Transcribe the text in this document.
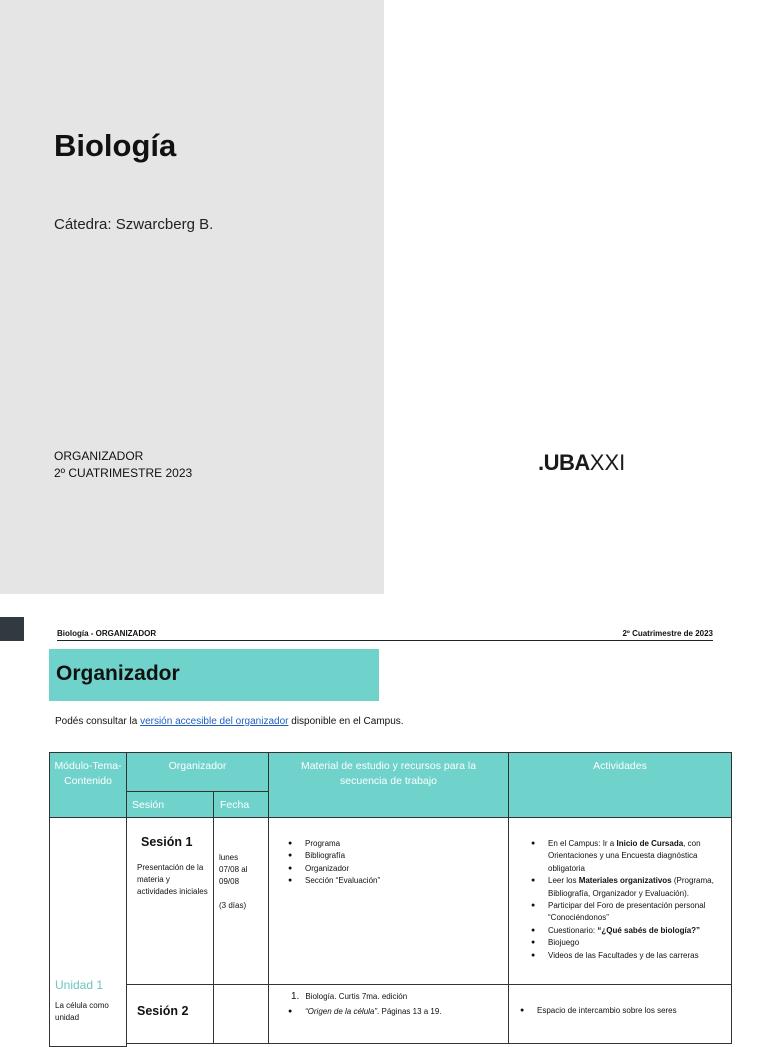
Biología
Cátedra: Szwarcberg B.
ORGANIZADOR
2º CUATRIMESTRE 2023	.UBAXXI
Biología - ORGANIZADOR	2º Cuatrimestre de 2023
Organizador
Podés consultar la versión accesible del organizador disponible en el Campus.
Módulo-Tema-Contenido
Organizador
Sesión	Fecha
Material de estudio y recursos para la secuencia de trabajo
Actividades
Unidad 1
La célula como unidad
Sesión 1
Presentación de la materia y actividades iniciales
lunes
07/08 al 09/08
(3 días)
● Programa
● Bibliografía
● Organizador
● Sección “Evaluación”
● En el Campus: Ir a Inicio de Cursada, con Orientaciones y una Encuesta diagnóstica obligatoria
● Leer los Materiales organizativos (Programa, Bibliografía, Organizador y Evaluación).
● Participar del Foro de presentación personal “Conociéndonos”
● Cuestionario: “¿Qué sabés de biología?”
● Biojuego
● Videos de las Facultades y de las carreras
Sesión 2
1. Biología. Curtis 7ma. edición
● “Origen de la célula”. Páginas 13 a 19.
●	Espacio de intercambio sobre los seres
